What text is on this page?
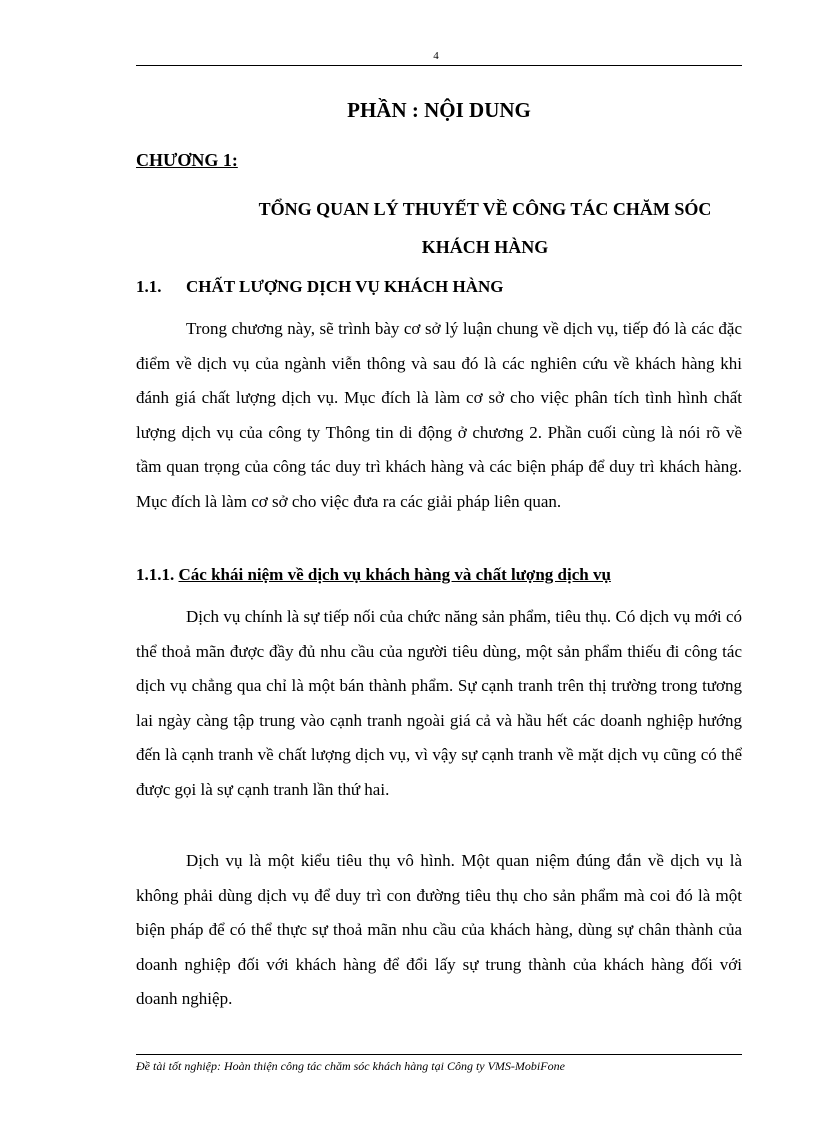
4
PHẦN : NỘI DUNG
CHƯƠNG 1:
TỔNG QUAN LÝ THUYẾT VỀ CÔNG TÁC CHĂM SÓC KHÁCH HÀNG
1.1. CHẤT LƯỢNG DỊCH VỤ KHÁCH HÀNG

Trong chương này, sẽ trình bày cơ sở lý luận chung về dịch vụ, tiếp đó là các đặc điểm về dịch vụ của ngành viễn thông và sau đó là các nghiên cứu về khách hàng khi đánh giá chất lượng dịch vụ. Mục đích là làm cơ sở cho việc phân tích tình hình chất lượng dịch vụ của công ty Thông tin di động ở chương 2. Phần cuối cùng là nói rõ về tầm quan trọng của công tác duy trì khách hàng và các biện pháp để duy trì khách hàng. Mục đích là làm cơ sở cho việc đưa ra các giải pháp liên quan.

1.1.1. Các khái niệm về dịch vụ khách hàng và chất lượng dịch vụ

Dịch vụ chính là sự tiếp nối của chức năng sản phẩm, tiêu thụ. Có dịch vụ mới có thể thoả mãn được đầy đủ nhu cầu của người tiêu dùng, một sản phẩm thiếu đi công tác dịch vụ chẳng qua chỉ là một bán thành phẩm. Sự cạnh tranh trên thị trường trong tương lai ngày càng tập trung vào cạnh tranh ngoài giá cả và hầu hết các doanh nghiệp hướng đến là cạnh tranh về chất lượng dịch vụ, vì vậy sự cạnh tranh về mặt dịch vụ cũng có thể được gọi là sự cạnh tranh lần thứ hai.

Dịch vụ là một kiểu tiêu thụ vô hình. Một quan niệm đúng đắn về dịch vụ là không phải dùng dịch vụ để duy trì con đường tiêu thụ cho sản phẩm mà coi đó là một biện pháp để có thể thực sự thoả mãn nhu cầu của khách hàng, dùng sự chân thành của doanh nghiệp đối với khách hàng để đổi lấy sự trung thành của khách hàng đối với doanh nghiệp.

Đề tài tốt nghiệp: Hoàn thiện công tác chăm sóc khách hàng tại Công ty VMS-MobiFone
